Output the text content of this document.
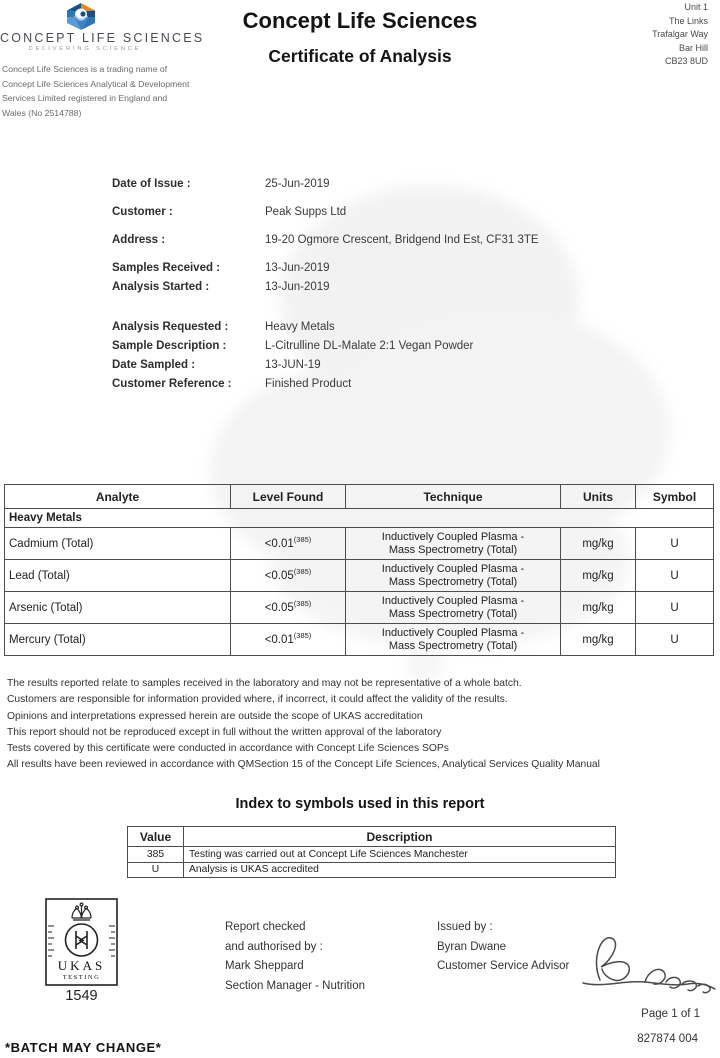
CONCEPT LIFE SCIENCES
DELIVERING SCIENCE
Concept Life Sciences is a trading name of
Concept Life Sciences Analytical & Development
Services Limited registered in England and
Wales (No 2514788)
Concept Life Sciences
Certificate of Analysis
Unit 1
The Links
Trafalgar Way
Bar Hill
CB23 8UD
Date of Issue :	25-Jun-2019
Customer :	Peak Supps Ltd
Address :	19-20 Ogmore Crescent, Bridgend Ind Est, CF31 3TE
Samples Received :	13-Jun-2019
Analysis Started :	13-Jun-2019
Analysis Requested :	Heavy Metals
Sample Description :	L-Citrulline DL-Malate 2:1 Vegan Powder
Date Sampled :	13-JUN-19
Customer Reference :	Finished Product
Analyte	Level Found	Technique	Units	Symbol
Heavy Metals				
Cadmium (Total)	<0.01$^{(385)}$	Inductively Coupled Plasma -
Mass Spectrometry (Total)	mg/kg	U
Lead (Total)	<0.05$^{(385)}$	Inductively Coupled Plasma -
Mass Spectrometry (Total)	mg/kg	U
Arsenic (Total)	<0.05$^{(385)}$	Inductively Coupled Plasma -
Mass Spectrometry (Total)	mg/kg	U
Mercury (Total)	<0.01$^{(385)}$	Inductively Coupled Plasma -
Mass Spectrometry (Total)	mg/kg	U
The results reported relate to samples received in the laboratory and may not be representative of a whole batch.
Customers are responsible for information provided where, if incorrect, it could affect the validity of the results.
Opinions and interpretations expressed herein are outside the scope of UKAS accreditation
This report should not be reproduced except in full without the written approval of the laboratory
Tests covered by this certificate were conducted in accordance with Concept Life Sciences SOPs
All results have been reviewed in accordance with QMSection 15 of the Concept Life Sciences, Analytical Services Quality Manual
Index to symbols used in this report
Value	Description
385	Testing was carried out at Concept Life Sciences Manchester
U	Analysis is UKAS accredited
UKAS
TESTING
1549
Report checked
and authorised by :
Mark Sheppard
Section Manager - Nutrition
Issued by :
Byran Dwane
Customer Service Advisor
Page 1 of 1
827874 004
*BATCH MAY CHANGE*
